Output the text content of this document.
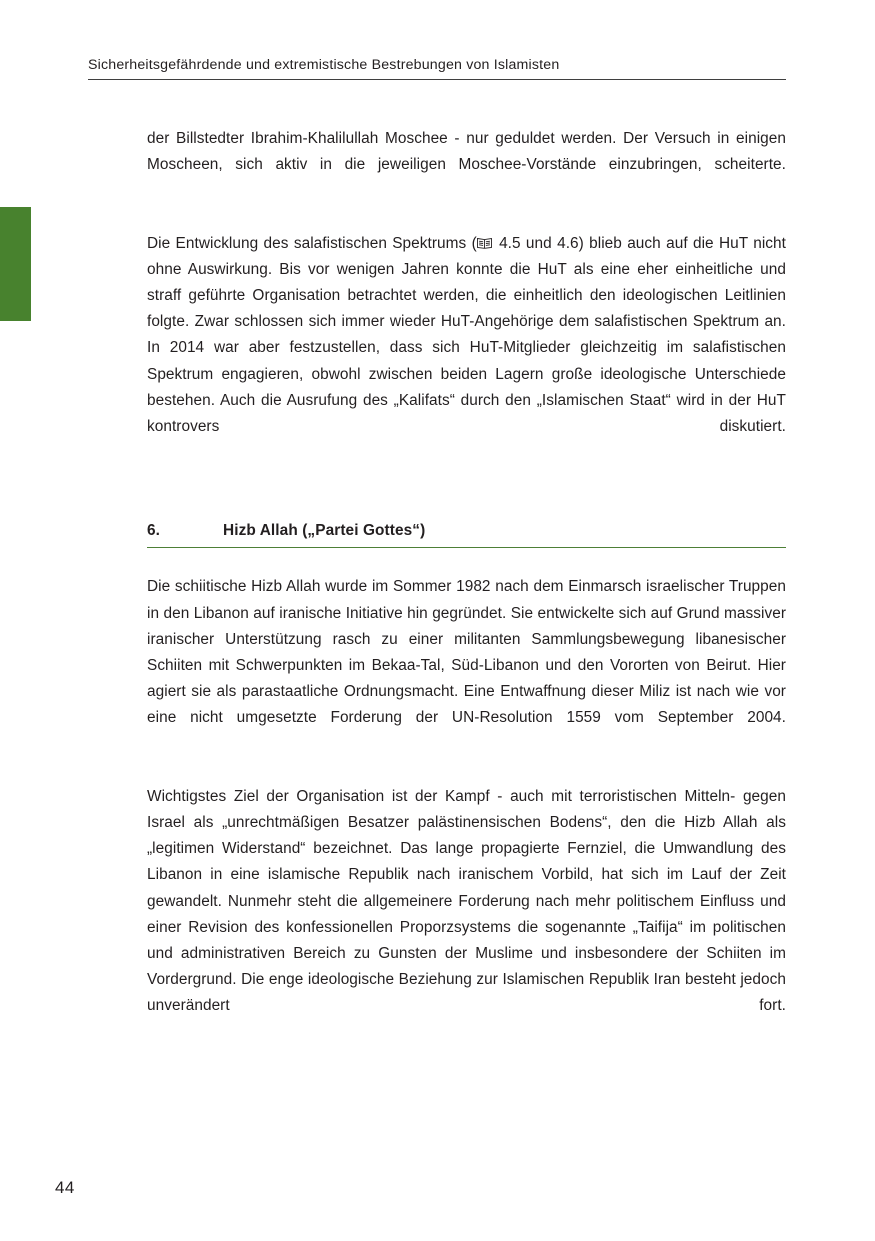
Sicherheitsgefährdende und extremistische Bestrebungen von Islamisten

der Billstedter Ibrahim-Khalilullah Moschee - nur geduldet werden. Der Versuch in einigen Moscheen, sich aktiv in die jeweiligen Moschee-Vorstände einzubringen, scheiterte.

Die Entwicklung des salafistischen Spektrums (
4.5 und 4.6) blieb auch auf die HuT nicht ohne Auswirkung. Bis vor wenigen Jahren konnte die HuT als eine eher einheitliche und straff geführte Organisation betrachtet werden, die einheitlich den ideologischen Leitlinien folgte. Zwar schlossen sich immer wieder HuT-Angehörige dem salafistischen Spektrum an. In 2014 war aber festzustellen, dass sich HuT-Mitglieder gleichzeitig im salafistischen Spektrum engagieren, obwohl zwischen beiden Lagern große ideologische Unterschiede bestehen. Auch die Ausrufung des „Kalifats“ durch den „Islamischen Staat“ wird in der HuT kontrovers diskutiert.

6.	Hizb Allah („Partei Gottes“)

Die schiitische Hizb Allah wurde im Sommer 1982 nach dem Einmarsch israelischer Truppen in den Libanon auf iranische Initiative hin gegründet. Sie entwickelte sich auf Grund massiver iranischer Unterstützung rasch zu einer militanten Sammlungsbewegung libanesischer Schiiten mit Schwerpunkten im Bekaa-Tal, Süd-Libanon und den Vororten von Beirut. Hier agiert sie als parastaatliche Ordnungsmacht. Eine Entwaffnung dieser Miliz ist nach wie vor eine nicht umgesetzte Forderung der UN-Resolution 1559 vom September 2004.

Wichtigstes Ziel der Organisation ist der Kampf - auch mit terroristischen Mitteln- gegen Israel als „unrechtmäßigen Besatzer palästinensischen Bodens“, den die Hizb Allah als „legitimen Widerstand“ bezeichnet. Das lange propagierte Fernziel, die Umwandlung des Libanon in eine islamische Republik nach iranischem Vorbild, hat sich im Lauf der Zeit gewandelt. Nunmehr steht die allgemeinere Forderung nach mehr politischem Einfluss und einer Revision des konfessionellen Proporzsystems die sogenannte „Taifija“ im politischen und administrativen Bereich zu Gunsten der Muslime und insbesondere der Schiiten im Vordergrund. Die enge ideologische Beziehung zur Islamischen Republik Iran besteht jedoch unverändert fort.

44
